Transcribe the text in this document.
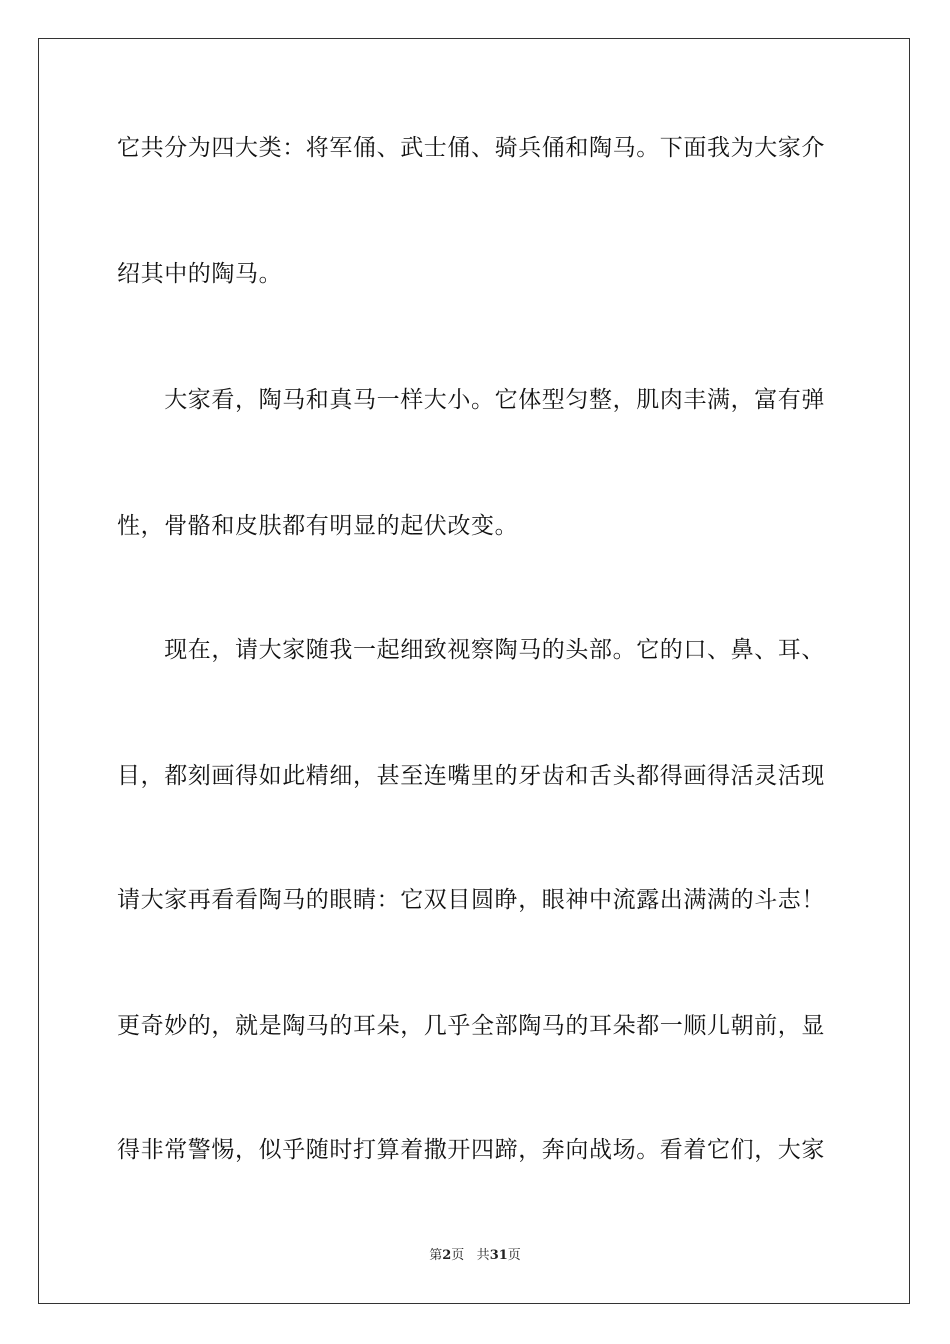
它共分为四大类：将军俑、武士俑、骑兵俑和陶马。下面我为大家介
绍其中的陶马。
　　大家看，陶马和真马一样大小。它体型匀整，肌肉丰满，富有弹
性，骨骼和皮肤都有明显的起伏改变。
　　现在，请大家随我一起细致视察陶马的头部。它的口、鼻、耳、
目，都刻画得如此精细，甚至连嘴里的牙齿和舌头都得画得活灵活现
请大家再看看陶马的眼睛：它双目圆睁，眼神中流露出满满的斗志！
更奇妙的，就是陶马的耳朵，几乎全部陶马的耳朵都一顺儿朝前，显
得非常警惕，似乎随时打算着撒开四蹄，奔向战场。看着它们，大家
第2页 共31页
